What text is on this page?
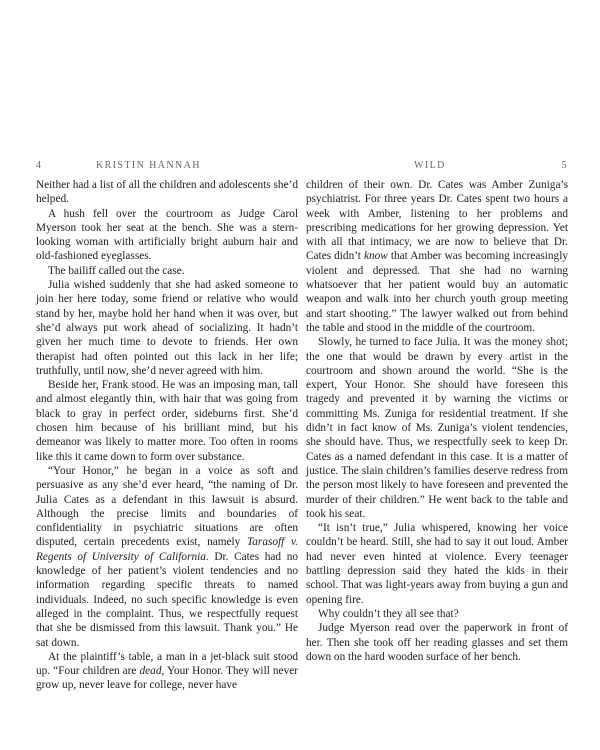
4	KRISTIN HANNAH

Neither had a list of all the children and adolescents she’d helped.

A hush fell over the courtroom as Judge Carol Myerson took her seat at the bench. She was a stern-looking woman with artificially bright auburn hair and old-fashioned eyeglasses.

The bailiff called out the case.

Julia wished suddenly that she had asked someone to join her here today, some friend or relative who would stand by her, maybe hold her hand when it was over, but she’d always put work ahead of socializing. It hadn’t given her much time to devote to friends. Her own therapist had often pointed out this lack in her life; truthfully, until now, she’d never agreed with him.

Beside her, Frank stood. He was an imposing man, tall and almost elegantly thin, with hair that was going from black to gray in perfect order, sideburns first. She’d chosen him because of his brilliant mind, but his demeanor was likely to matter more. Too often in rooms like this it came down to form over substance.

“Your Honor,” he began in a voice as soft and persuasive as any she’d ever heard, “the naming of Dr. Julia Cates as a defendant in this lawsuit is absurd. Although the precise limits and boundaries of confidentiality in psychiatric situations are often disputed, certain precedents exist, namely Tarasoff v. Regents of University of California. Dr. Cates had no knowledge of her patient’s violent tendencies and no information regarding specific threats to named individuals. Indeed, no such specific knowledge is even alleged in the complaint. Thus, we respectfully request that she be dismissed from this lawsuit. Thank you.” He sat down.

At the plaintiff’s table, a man in a jet-black suit stood up. “Four children are dead, Your Honor. They will never grow up, never leave for college, never have

WILD	5

children of their own. Dr. Cates was Amber Zuniga’s psychiatrist. For three years Dr. Cates spent two hours a week with Amber, listening to her problems and prescribing medications for her growing depression. Yet with all that intimacy, we are now to believe that Dr. Cates didn’t know that Amber was becoming increasingly violent and depressed. That she had no warning whatsoever that her patient would buy an automatic weapon and walk into her church youth group meeting and start shooting.” The lawyer walked out from behind the table and stood in the middle of the courtroom.

Slowly, he turned to face Julia. It was the money shot; the one that would be drawn by every artist in the courtroom and shown around the world. “She is the expert, Your Honor. She should have foreseen this tragedy and prevented it by warning the victims or committing Ms. Zuniga for residential treatment. If she didn’t in fact know of Ms. Zuniga’s violent tendencies, she should have. Thus, we respectfully seek to keep Dr. Cates as a named defendant in this case. It is a matter of justice. The slain children’s families deserve redress from the person most likely to have foreseen and prevented the murder of their children.” He went back to the table and took his seat.

“It isn’t true,” Julia whispered, knowing her voice couldn’t be heard. Still, she had to say it out loud. Amber had never even hinted at violence. Every teenager battling depression said they hated the kids in their school. That was light-years away from buying a gun and opening fire.

Why couldn’t they all see that?

Judge Myerson read over the paperwork in front of her. Then she took off her reading glasses and set them down on the hard wooden surface of her bench.
